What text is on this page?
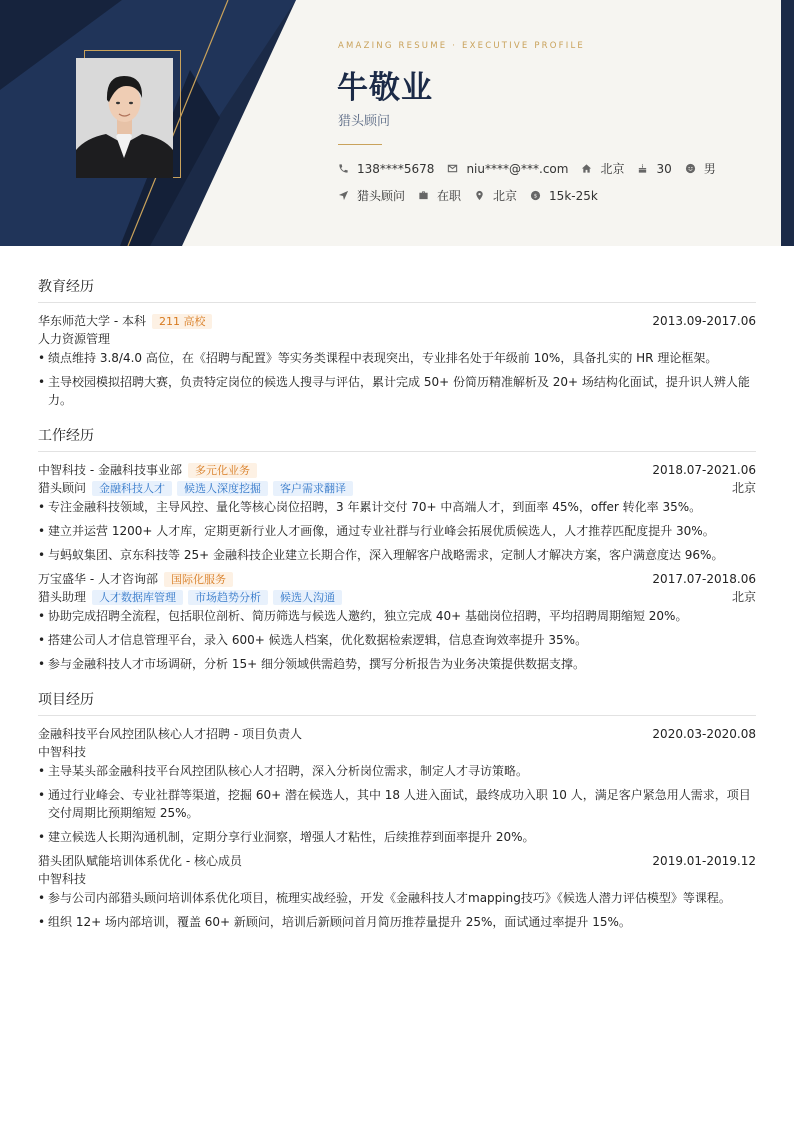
AMAZING RESUME · EXECUTIVE PROFILE
牛敬业
猎头顾问
138****5678	niu****@***.com	北京	30	男
猎头顾问	在职	北京 $ 15k-25k
教育经历
华东师范大学 - 本科	211 高校	2013.09-2017.06
人力资源管理
• 绩点维持 3.8/4.0 高位，在《招聘与配置》等实务类课程中表现突出，专业排名处于年级前 10%，具备扎实的 HR 理论框架。
• 主导校园模拟招聘大赛，负责特定岗位的候选人搜寻与评估，累计完成 50+ 份简历精准解析及 20+ 场结构化面试，提升识人辨人能力。
工作经历
中智科技 - 金融科技事业部	多元化业务	2018.07-2021.06
猎头顾问	金融科技人才	候选人深度挖掘	客户需求翻译	北京
• 专注金融科技领域，主导风控、量化等核心岗位招聘，3 年累计交付 70+ 中高端人才，到面率 45%，offer 转化率 35%。
• 建立并运营 1200+ 人才库，定期更新行业人才画像，通过专业社群与行业峰会拓展优质候选人，人才推荐匹配度提升 30%。
• 与蚂蚁集团、京东科技等 25+ 金融科技企业建立长期合作，深入理解客户战略需求，定制人才解决方案，客户满意度达 96%。
万宝盛华 - 人才咨询部	国际化服务	2017.07-2018.06
猎头助理	人才数据库管理	市场趋势分析	候选人沟通	北京
• 协助完成招聘全流程，包括职位剖析、简历筛选与候选人邀约，独立完成 40+ 基础岗位招聘，平均招聘周期缩短 20%。
• 搭建公司人才信息管理平台，录入 600+ 候选人档案，优化数据检索逻辑，信息查询效率提升 35%。
• 参与金融科技人才市场调研，分析 15+ 细分领域供需趋势，撰写分析报告为业务决策提供数据支撑。
项目经历
金融科技平台风控团队核心人才招聘 - 项目负责人	2020.03-2020.08
中智科技
• 主导某头部金融科技平台风控团队核心人才招聘，深入分析岗位需求，制定人才寻访策略。
• 通过行业峰会、专业社群等渠道，挖掘 60+ 潜在候选人，其中 18 人进入面试，最终成功入职 10 人，满足客户紧急用人需求，项目交付周期比预期缩短 25%。
• 建立候选人长期沟通机制，定期分享行业洞察，增强人才粘性，后续推荐到面率提升 20%。
猎头团队赋能培训体系优化 - 核心成员	2019.01-2019.12
中智科技
• 参与公司内部猎头顾问培训体系优化项目，梳理实战经验，开发《金融科技人才mapping技巧》《候选人潜力评估模型》等课程。
• 组织 12+ 场内部培训，覆盖 60+ 新顾问，培训后新顾问首月简历推荐量提升 25%，面试通过率提升 15%。
